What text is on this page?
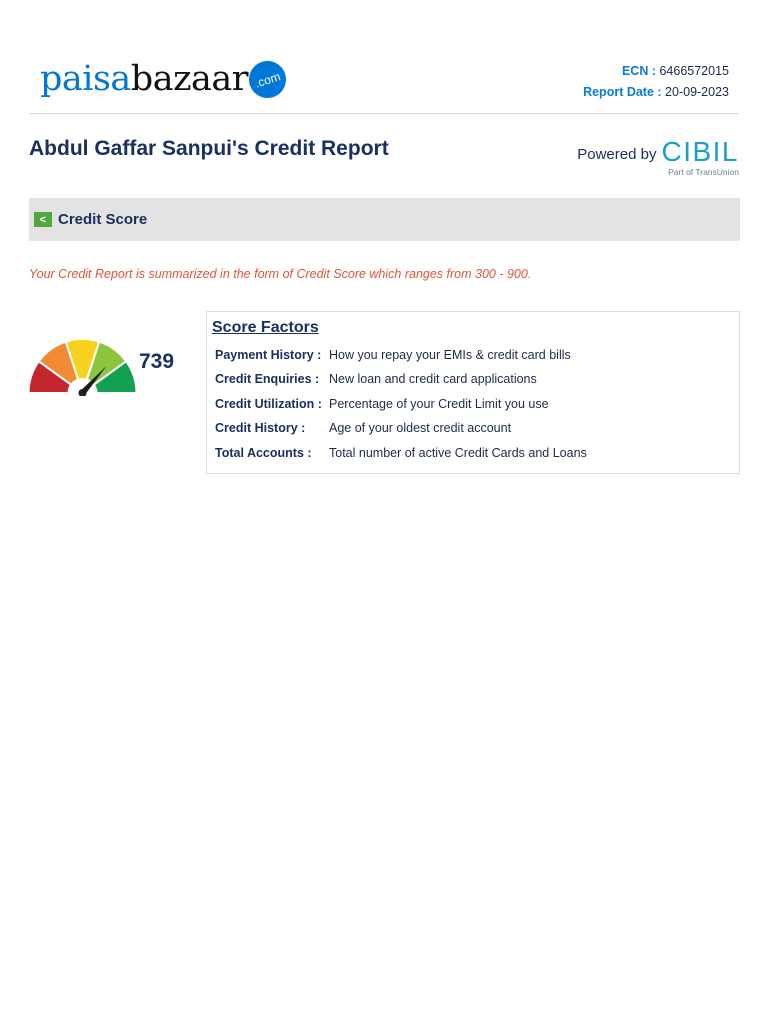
paisa bazaar .com	ECN : 6466572015
Report Date : 20-09-2023
Abdul Gaffar Sanpui's Credit Report	Powered by CIBIL
Part of TransUnion
< Credit Score
Your Credit Report is summarized in the form of Credit Score which ranges from 300 - 900.
739
Score Factors
Payment History : How you repay your EMIs & credit card bills
Credit Enquiries : New loan and credit card applications
Credit Utilization : Percentage of your Credit Limit you use
Credit History : Age of your oldest credit account
Total Accounts : Total number of active Credit Cards and Loans
